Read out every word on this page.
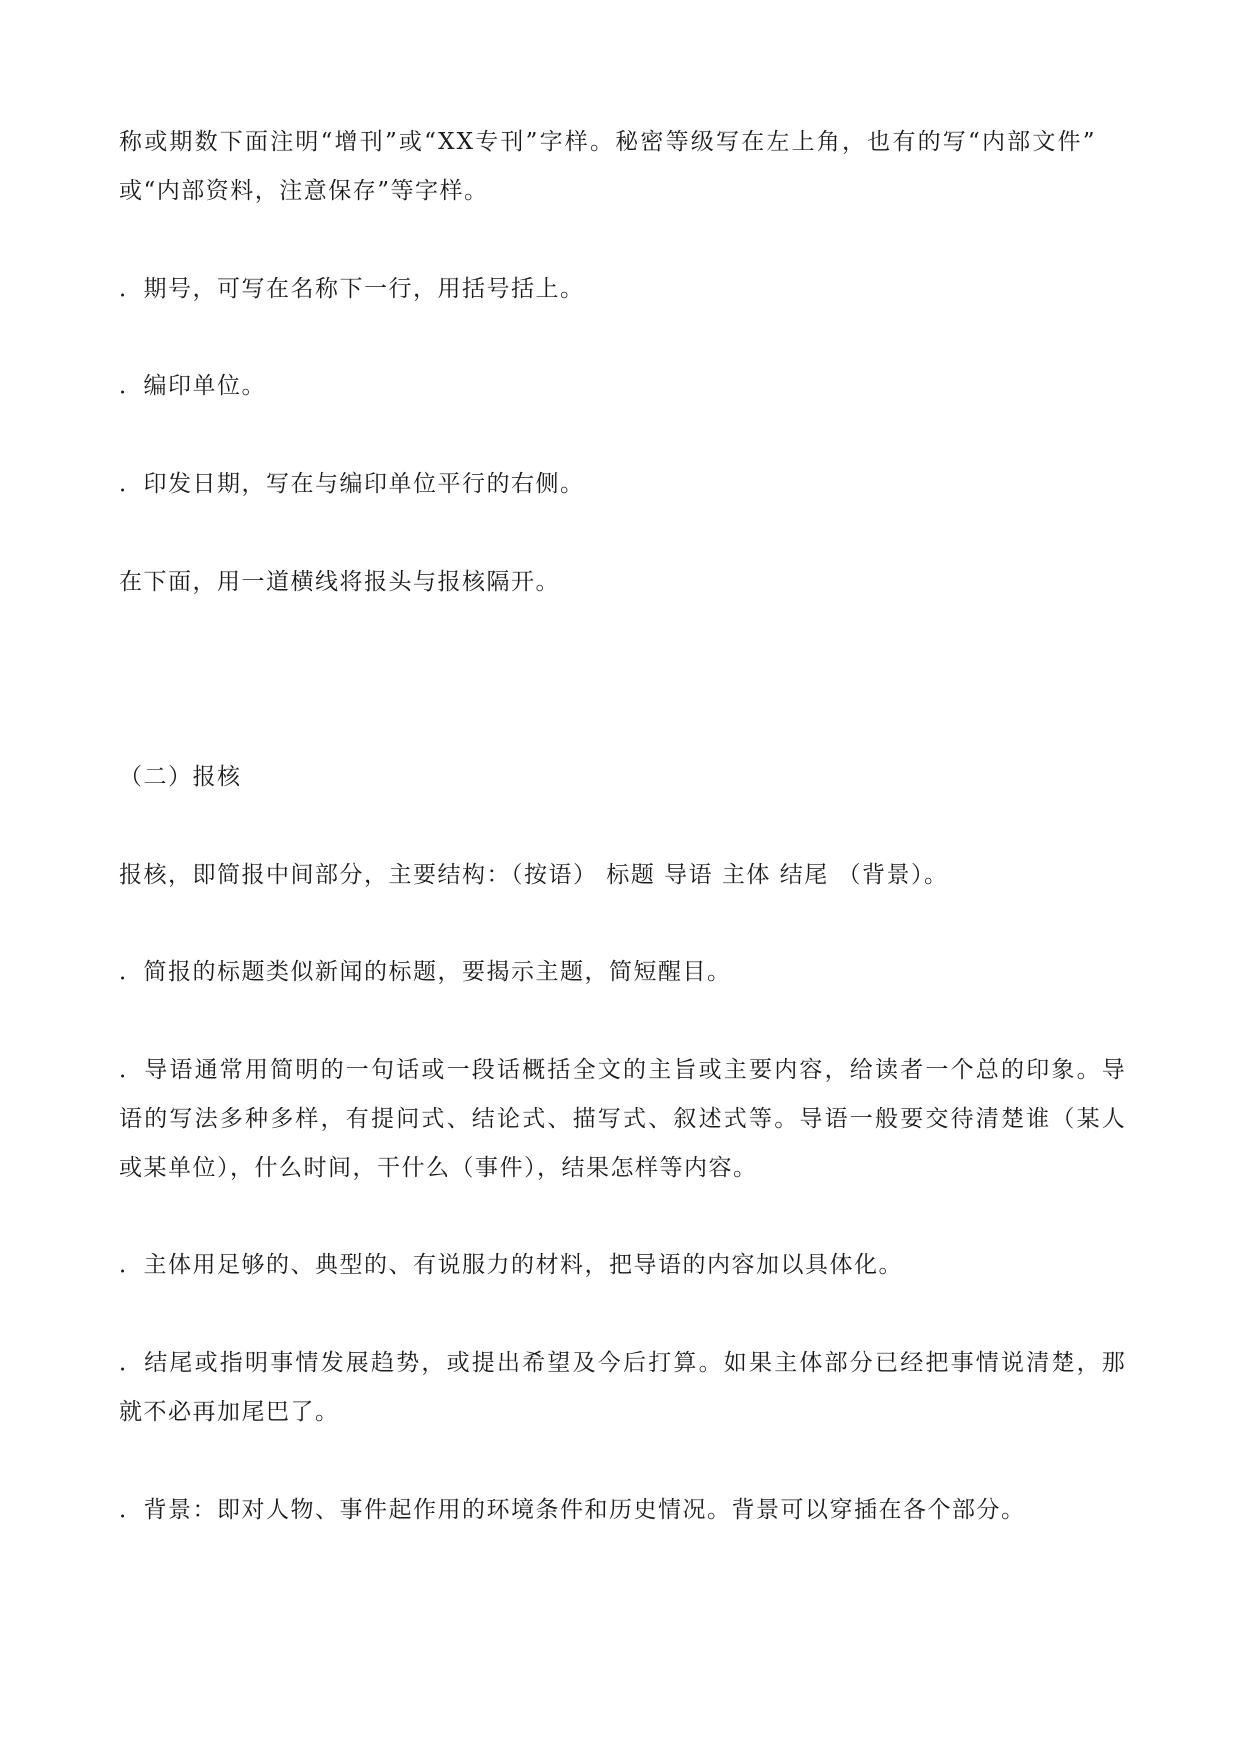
称或期数下面注明“增刊”或“XX专刊”字样。秘密等级写在左上角，也有的写“内部文件”
或“内部资料，注意保存”等字样。
．期号，可写在名称下一行，用括号括上。
．编印单位。
．印发日期，写在与编印单位平行的右侧。
在下面，用一道横线将报头与报核隔开。
（二）报核
报核，即简报中间部分，主要结构：（按语） 标题 导语 主体 结尾 （背景）。
．简报的标题类似新闻的标题，要揭示主题，简短醒目。
．导语通常用简明的一句话或一段话概括全文的主旨或主要内容，给读者一个总的印象。导
语的写法多种多样，有提问式、结论式、描写式、叙述式等。导语一般要交待清楚谁（某人
或某单位），什么时间，干什么（事件），结果怎样等内容。
．主体用足够的、典型的、有说服力的材料，把导语的内容加以具体化。
．结尾或指明事情发展趋势，或提出希望及今后打算。如果主体部分已经把事情说清楚，那
就不必再加尾巴了。
．背景：即对人物、事件起作用的环境条件和历史情况。背景可以穿插在各个部分。
